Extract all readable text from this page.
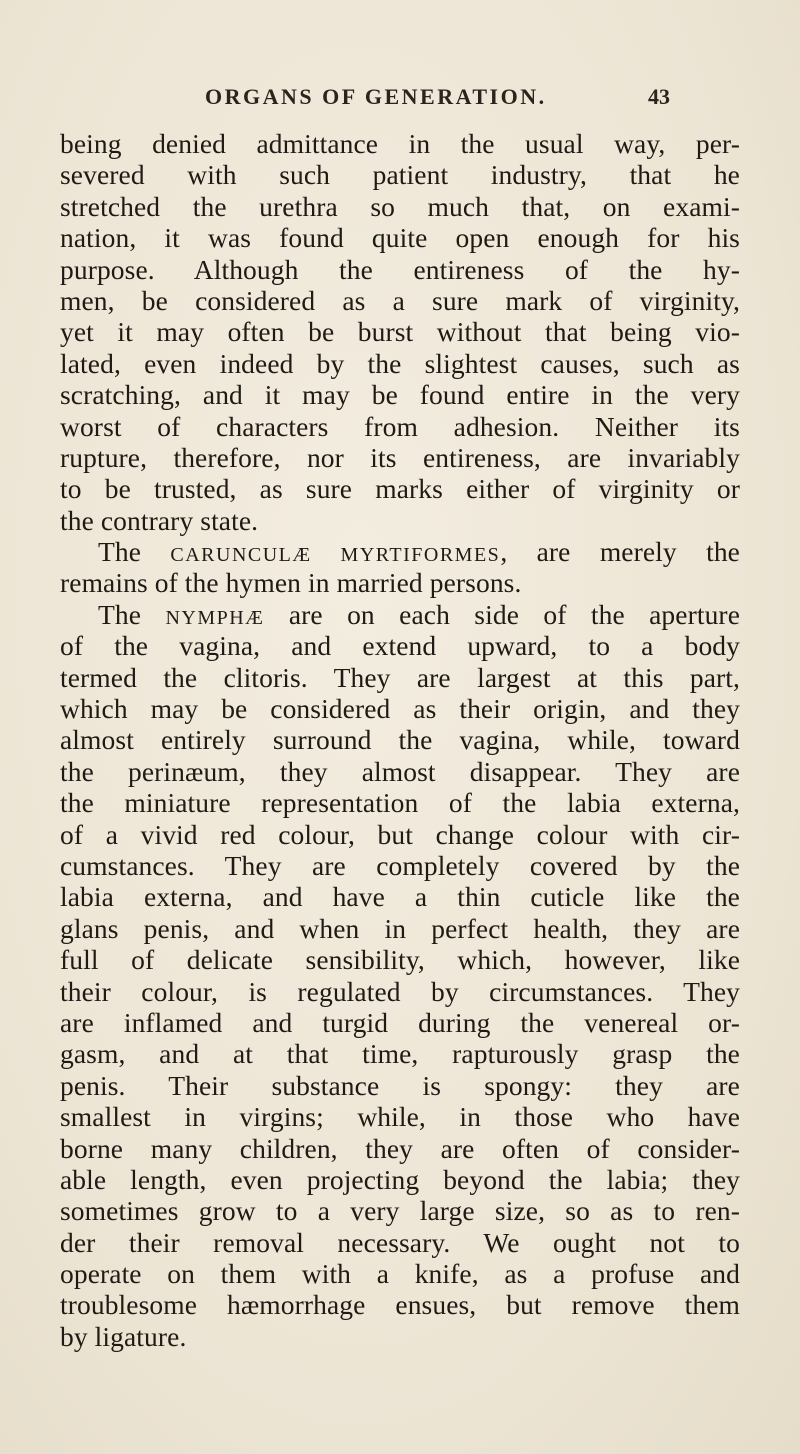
ORGANS OF GENERATION.	43
being denied admittance in the usual way, per-
severed with such patient industry, that he
stretched the urethra so much that, on exami-
nation, it was found quite open enough for his
purpose. Although the entireness of the hy-
men, be considered as a sure mark of virginity,
yet it may often be burst without that being vio-
lated, even indeed by the slightest causes, such as
scratching, and it may be found entire in the very
worst of characters from adhesion. Neither its
rupture, therefore, nor its entireness, are invariably
to be trusted, as sure marks either of virginity or
the contrary state.
The CARUNCULÆ MYRTIFORMES, are merely the
remains of the hymen in married persons.
The NYMPHÆ are on each side of the aperture
of the vagina, and extend upward, to a body
termed the clitoris. They are largest at this part,
which may be considered as their origin, and they
almost entirely surround the vagina, while, toward
the perinæum, they almost disappear. They are
the miniature representation of the labia externa,
of a vivid red colour, but change colour with cir-
cumstances. They are completely covered by the
labia externa, and have a thin cuticle like the
glans penis, and when in perfect health, they are
full of delicate sensibility, which, however, like
their colour, is regulated by circumstances. They
are inflamed and turgid during the venereal or-
gasm, and at that time, rapturously grasp the
penis. Their substance is spongy: they are
smallest in virgins; while, in those who have
borne many children, they are often of consider-
able length, even projecting beyond the labia; they
sometimes grow to a very large size, so as to ren-
der their removal necessary. We ought not to
operate on them with a knife, as a profuse and
troublesome hæmorrhage ensues, but remove them
by ligature.
